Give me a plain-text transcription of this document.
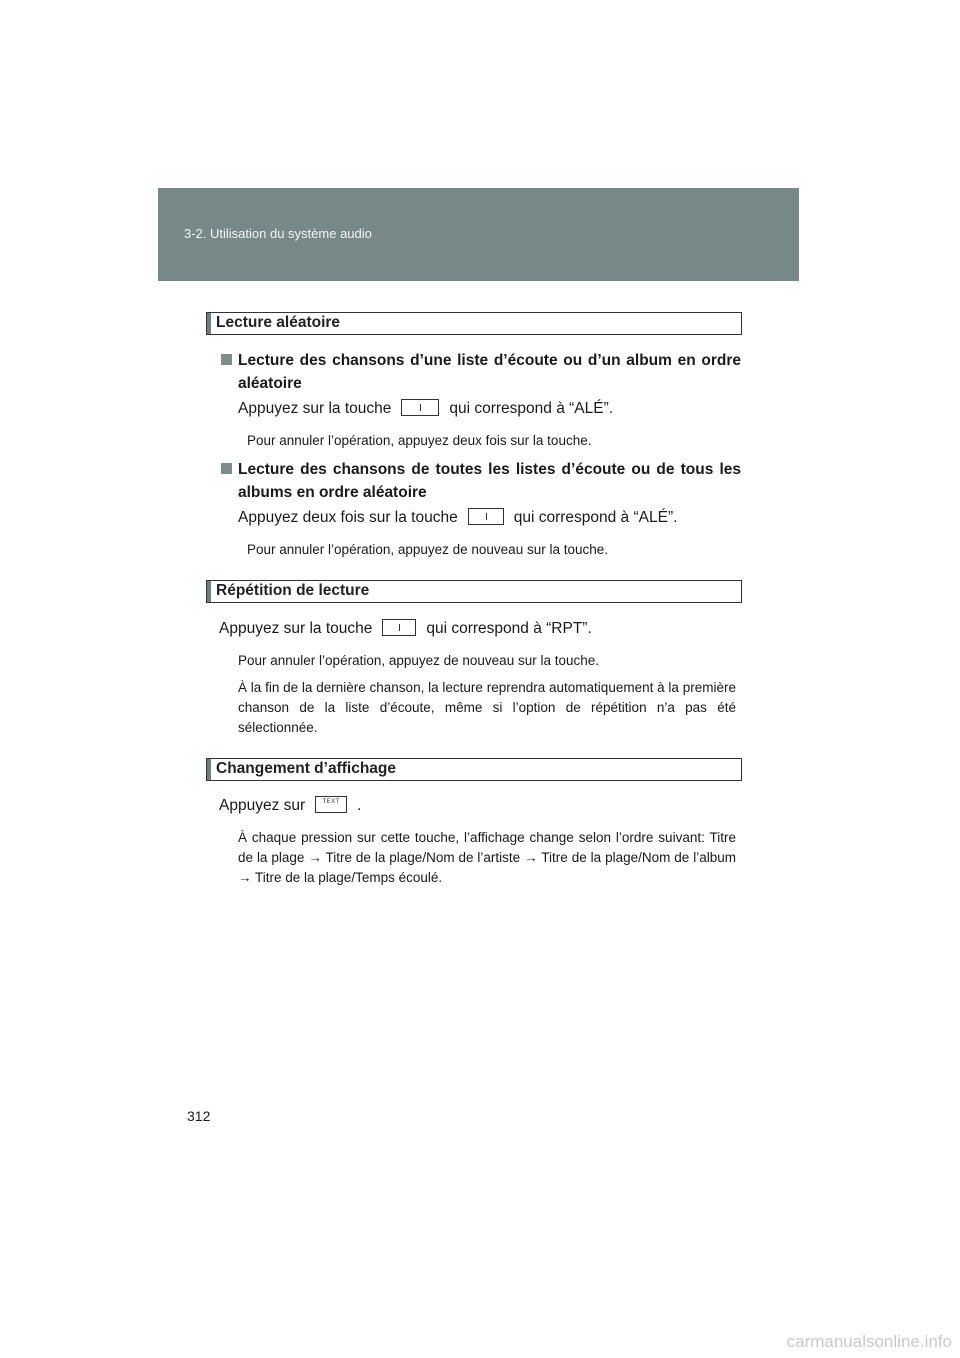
3-2. Utilisation du système audio
Lecture aléatoire
Lecture des chansons d’une liste d’écoute ou d’un album en ordre aléatoire
Appuyez sur la touche	qui correspond à “ALÉ”.
Pour annuler l’opération, appuyez deux fois sur la touche.
Lecture des chansons de toutes les listes d’écoute ou de tous les albums en ordre aléatoire
Appuyez deux fois sur la touche	qui correspond à “ALÉ”.
Pour annuler l’opération, appuyez de nouveau sur la touche.
Répétition de lecture
Appuyez sur la touche	qui correspond à “RPT”.
Pour annuler l’opération, appuyez de nouveau sur la touche.
À la fin de la dernière chanson, la lecture reprendra automatiquement à la première chanson de la liste d’écoute, même si l’option de répétition n’a pas été sélectionnée.
Changement d’affichage
Appuyez sur	TEXT	.
À chaque pression sur cette touche, l’affichage change selon l’ordre suivant: Titre de la plage → Titre de la plage/Nom de l’artiste → Titre de la plage/Nom de l’album → Titre de la plage/Temps écoulé.
312
carmanualsonline.info
